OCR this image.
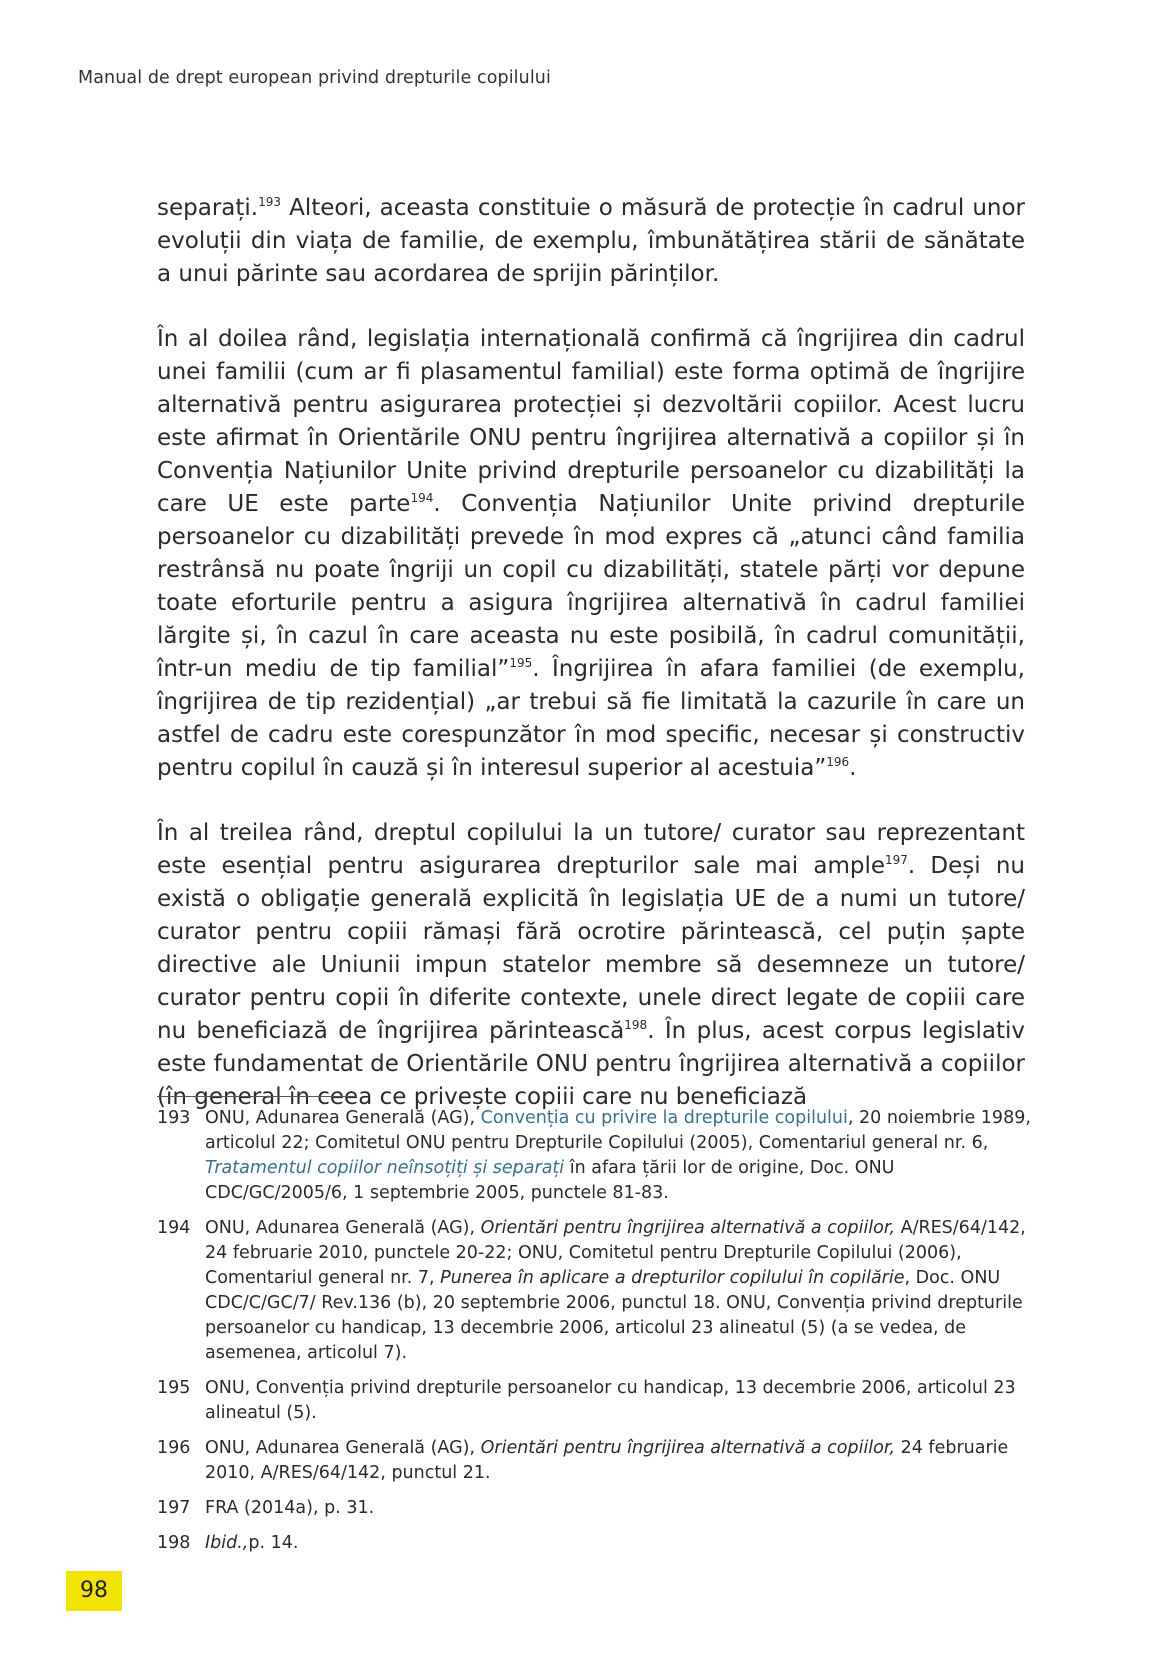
Manual de drept european privind drepturile copilului

separați.$^{193}$ Alteori, aceasta constituie o măsură de protecție în cadrul unor evoluții din viața de familie, de exemplu, îmbunătățirea stării de sănătate a unui părinte sau acordarea de sprijin părinților.

În al doilea rând, legislația internațională confirmă că îngrijirea din cadrul unei familii (cum ar fi plasamentul familial) este forma optimă de îngrijire alternativă pentru asigurarea protecției și dezvoltării copiilor. Acest lucru este afirmat în Orientările ONU pentru îngrijirea alternativă a copiilor și în Convenția Națiunilor Unite privind drepturile persoanelor cu dizabilități la care UE este parte$^{194}$. Convenția Națiunilor Unite privind drepturile persoanelor cu dizabilități prevede în mod expres că „atunci când familia restrânsă nu poate îngriji un copil cu dizabilități, statele părți vor depune toate eforturile pentru a asigura îngrijirea alternativă în cadrul familiei lărgite și, în cazul în care aceasta nu este posibilă, în cadrul comunității, într-un mediu de tip familial”$^{195}$. Îngrijirea în afara familiei (de exemplu, îngrijirea de tip rezidențial) „ar trebui să fie limitată la cazurile în care un astfel de cadru este corespunzător în mod specific, necesar și constructiv pentru copilul în cauză și în interesul superior al acestuia”$^{196}$.

În al treilea rând, dreptul copilului la un tutore/ curator sau reprezentant este esențial pentru asigurarea drepturilor sale mai ample$^{197}$. Deși nu există o obligație generală explicită în legislația UE de a numi un tutore/ curator pentru copiii rămași fără ocrotire părintească, cel puțin șapte directive ale Uniunii impun statelor membre să desemneze un tutore/ curator pentru copii în diferite contexte, unele direct legate de copiii care nu beneficiază de îngrijirea părintească$^{198}$. În plus, acest corpus legislativ este fundamentat de Orientările ONU pentru îngrijirea alternativă a copiilor (în general în ceea ce privește copiii care nu beneficiază

193 ONU, Adunarea Generală (AG), Convenția cu privire la drepturile copilului, 20 noiembrie 1989, articolul 22; Comitetul ONU pentru Drepturile Copilului (2005), Comentariul general nr. 6, Tratamentul copiilor neînsoțiți și separați în afara țării lor de origine, Doc. ONU CDC/GC/2005/6, 1 septembrie 2005, punctele 81-83.
194 ONU, Adunarea Generală (AG), Orientări pentru îngrijirea alternativă a copiilor, A/RES/64/142, 24 februarie 2010, punctele 20-22; ONU, Comitetul pentru Drepturile Copilului (2006), Comentariul general nr. 7, Punerea în aplicare a drepturilor copilului în copilărie, Doc. ONU CDC/C/GC/7/ Rev.136 (b), 20 septembrie 2006, punctul 18. ONU, Convenția privind drepturile persoanelor cu handicap, 13 decembrie 2006, articolul 23 alineatul (5) (a se vedea, de asemenea, articolul 7).
195 ONU, Convenția privind drepturile persoanelor cu handicap, 13 decembrie 2006, articolul 23 alineatul (5).
196 ONU, Adunarea Generală (AG), Orientări pentru îngrijirea alternativă a copiilor, 24 februarie 2010, A/RES/64/142, punctul 21.
197 FRA (2014a), p. 31.
198 Ibid.,p. 14.
98
